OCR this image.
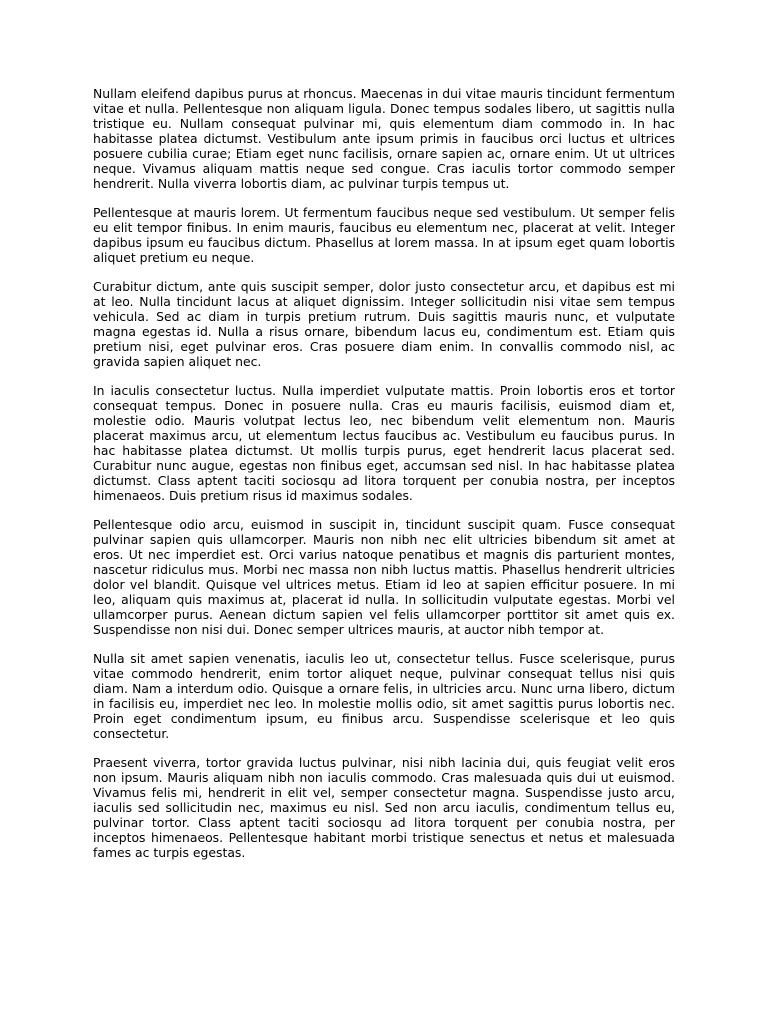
Nullam eleifend dapibus purus at rhoncus. Maecenas in dui vitae mauris tincidunt fermentum vitae et nulla. Pellentesque non aliquam ligula. Donec tempus sodales libero, ut sagittis nulla tristique eu. Nullam consequat pulvinar mi, quis elementum diam commodo in. In hac habitasse platea dictumst. Vestibulum ante ipsum primis in faucibus orci luctus et ultrices posuere cubilia curae; Etiam eget nunc facilisis, ornare sapien ac, ornare enim. Ut ut ultrices neque. Vivamus aliquam mattis neque sed congue. Cras iaculis tortor commodo semper hendrerit. Nulla viverra lobortis diam, ac pulvinar turpis tempus ut.

Pellentesque at mauris lorem. Ut fermentum faucibus neque sed vestibulum. Ut semper felis eu elit tempor finibus. In enim mauris, faucibus eu elementum nec, placerat at velit. Integer dapibus ipsum eu faucibus dictum. Phasellus at lorem massa. In at ipsum eget quam lobortis aliquet pretium eu neque.

Curabitur dictum, ante quis suscipit semper, dolor justo consectetur arcu, et dapibus est mi at leo. Nulla tincidunt lacus at aliquet dignissim. Integer sollicitudin nisi vitae sem tempus vehicula. Sed ac diam in turpis pretium rutrum. Duis sagittis mauris nunc, et vulputate magna egestas id. Nulla a risus ornare, bibendum lacus eu, condimentum est. Etiam quis pretium nisi, eget pulvinar eros. Cras posuere diam enim. In convallis commodo nisl, ac gravida sapien aliquet nec.

In iaculis consectetur luctus. Nulla imperdiet vulputate mattis. Proin lobortis eros et tortor consequat tempus. Donec in posuere nulla. Cras eu mauris facilisis, euismod diam et, molestie odio. Mauris volutpat lectus leo, nec bibendum velit elementum non. Mauris placerat maximus arcu, ut elementum lectus faucibus ac. Vestibulum eu faucibus purus. In hac habitasse platea dictumst. Ut mollis turpis purus, eget hendrerit lacus placerat sed. Curabitur nunc augue, egestas non finibus eget, accumsan sed nisl. In hac habitasse platea dictumst. Class aptent taciti sociosqu ad litora torquent per conubia nostra, per inceptos himenaeos. Duis pretium risus id maximus sodales.

Pellentesque odio arcu, euismod in suscipit in, tincidunt suscipit quam. Fusce consequat pulvinar sapien quis ullamcorper. Mauris non nibh nec elit ultricies bibendum sit amet at eros. Ut nec imperdiet est. Orci varius natoque penatibus et magnis dis parturient montes, nascetur ridiculus mus. Morbi nec massa non nibh luctus mattis. Phasellus hendrerit ultricies dolor vel blandit. Quisque vel ultrices metus. Etiam id leo at sapien efficitur posuere. In mi leo, aliquam quis maximus at, placerat id nulla. In sollicitudin vulputate egestas. Morbi vel ullamcorper purus. Aenean dictum sapien vel felis ullamcorper porttitor sit amet quis ex. Suspendisse non nisi dui. Donec semper ultrices mauris, at auctor nibh tempor at.

Nulla sit amet sapien venenatis, iaculis leo ut, consectetur tellus. Fusce scelerisque, purus vitae commodo hendrerit, enim tortor aliquet neque, pulvinar consequat tellus nisi quis diam. Nam a interdum odio. Quisque a ornare felis, in ultricies arcu. Nunc urna libero, dictum in facilisis eu, imperdiet nec leo. In molestie mollis odio, sit amet sagittis purus lobortis nec. Proin eget condimentum ipsum, eu finibus arcu. Suspendisse scelerisque et leo quis consectetur.

Praesent viverra, tortor gravida luctus pulvinar, nisi nibh lacinia dui, quis feugiat velit eros non ipsum. Mauris aliquam nibh non iaculis commodo. Cras malesuada quis dui ut euismod. Vivamus felis mi, hendrerit in elit vel, semper consectetur magna. Suspendisse justo arcu, iaculis sed sollicitudin nec, maximus eu nisl. Sed non arcu iaculis, condimentum tellus eu, pulvinar tortor. Class aptent taciti sociosqu ad litora torquent per conubia nostra, per inceptos himenaeos. Pellentesque habitant morbi tristique senectus et netus et malesuada fames ac turpis egestas.
